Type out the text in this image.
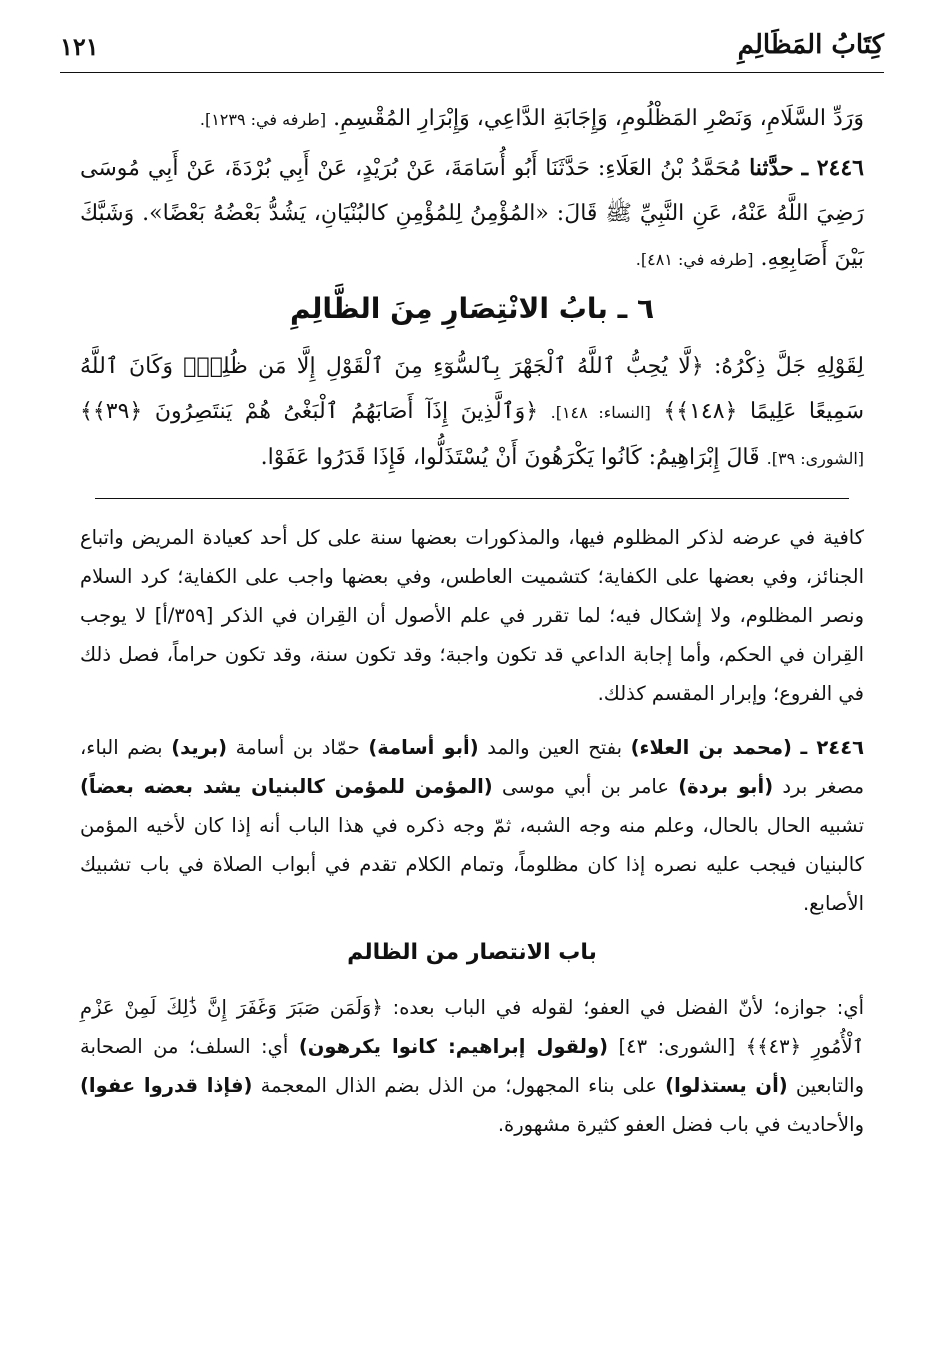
كِتَابُ المَظَالِمِ
١٢١
وَرَدِّ السَّلَامِ، وَنَصْرِ المَظْلُومِ، وَإِجَابَةِ الدَّاعِي، وَإِبْرَارِ المُقْسِمِ. [طرفه في: ١٢٣٩].
٢٤٤٦ ـ حدَّثنا مُحَمَّدُ بْنُ العَلَاءِ: حَدَّثَنَا أَبُو أُسَامَةَ، عَنْ بُرَيْدٍ، عَنْ أَبِي بُرْدَةَ، عَنْ أَبِي مُوسَى رَضِيَ اللَّهُ عَنْهُ، عَنِ النَّبِيِّ ﷺ قَالَ: «المُؤْمِنُ لِلمُؤْمِنِ كالبُنْيَانِ، يَشُدُّ بَعْضُهُ بَعْضًا». وَشَبَّكَ بَيْنَ أَصَابِعِهِ. [طرفه في: ٤٨١].
٦ ـ بابُ الانْتِصَارِ مِنَ الظَّالِمِ
لِقَوْلِهِ جَلَّ ذِكْرُهُ: ﴿لَّا يُحِبُّ ٱللَّهُ ٱلْجَهْرَ بِٱلسُّوٓءِ مِنَ ٱلْقَوْلِ إِلَّا مَن ظُلِمَۚ وَكَانَ ٱللَّهُ سَمِيعًا عَلِيمًا ﴿١٤٨﴾﴾ [النساء: ١٤٨]. ﴿وَٱلَّذِينَ إِذَآ أَصَابَهُمُ ٱلْبَغْىُ هُمْ يَنتَصِرُونَ ﴿٣٩﴾﴾ [الشورى: ٣٩]. قَالَ إِبْرَاهِيمُ: كَانُوا يَكْرَهُونَ أَنْ يُسْتَذَلُّوا، فَإِذَا قَدَرُوا عَفَوْا.
كافية في عرضه لذكر المظلوم فيها، والمذكورات بعضها سنة على كل أحد كعيادة المريض واتباع الجنائز، وفي بعضها على الكفاية؛ كتشميت العاطس، وفي بعضها واجب على الكفاية؛ كرد السلام ونصر المظلوم، ولا إشكال فيه؛ لما تقرر في علم الأصول أن القِران في الذكر [٣٥٩/أ] لا يوجب القِران في الحكم، وأما إجابة الداعي قد تكون واجبة؛ وقد تكون سنة، وقد تكون حراماً، فصل ذلك في الفروع؛ وإبرار المقسم كذلك.
٢٤٤٦ ـ (محمد بن العلاء) بفتح العين والمد (أبو أسامة) حمّاد بن أسامة (بريد) بضم الباء، مصغر برد (أبو بردة) عامر بن أبي موسى (المؤمن للمؤمن كالبنيان يشد بعضه بعضاً) تشبيه الحال بالحال، وعلم منه وجه الشبه، ثمّ وجه ذكره في هذا الباب أنه إذا كان لأخيه المؤمن كالبنيان فيجب عليه نصره إذا كان مظلوماً، وتمام الكلام تقدم في أبواب الصلاة في باب تشبيك الأصابع.
باب الانتصار من الظالم
أي: جوازه؛ لأنّ الفضل في العفو؛ لقوله في الباب بعده: ﴿وَلَمَن صَبَرَ وَغَفَرَ إِنَّ ذَٰلِكَ لَمِنْ عَزْمِ ٱلْأُمُورِ ﴿٤٣﴾﴾ [الشورى: ٤٣] (ولقول إبراهيم: كانوا يكرهون) أي: السلف؛ من الصحابة والتابعين (أن يستذلوا) على بناء المجهول؛ من الذل بضم الذال المعجمة (فإذا قدروا عفوا) والأحاديث في باب فضل العفو كثيرة مشهورة.
